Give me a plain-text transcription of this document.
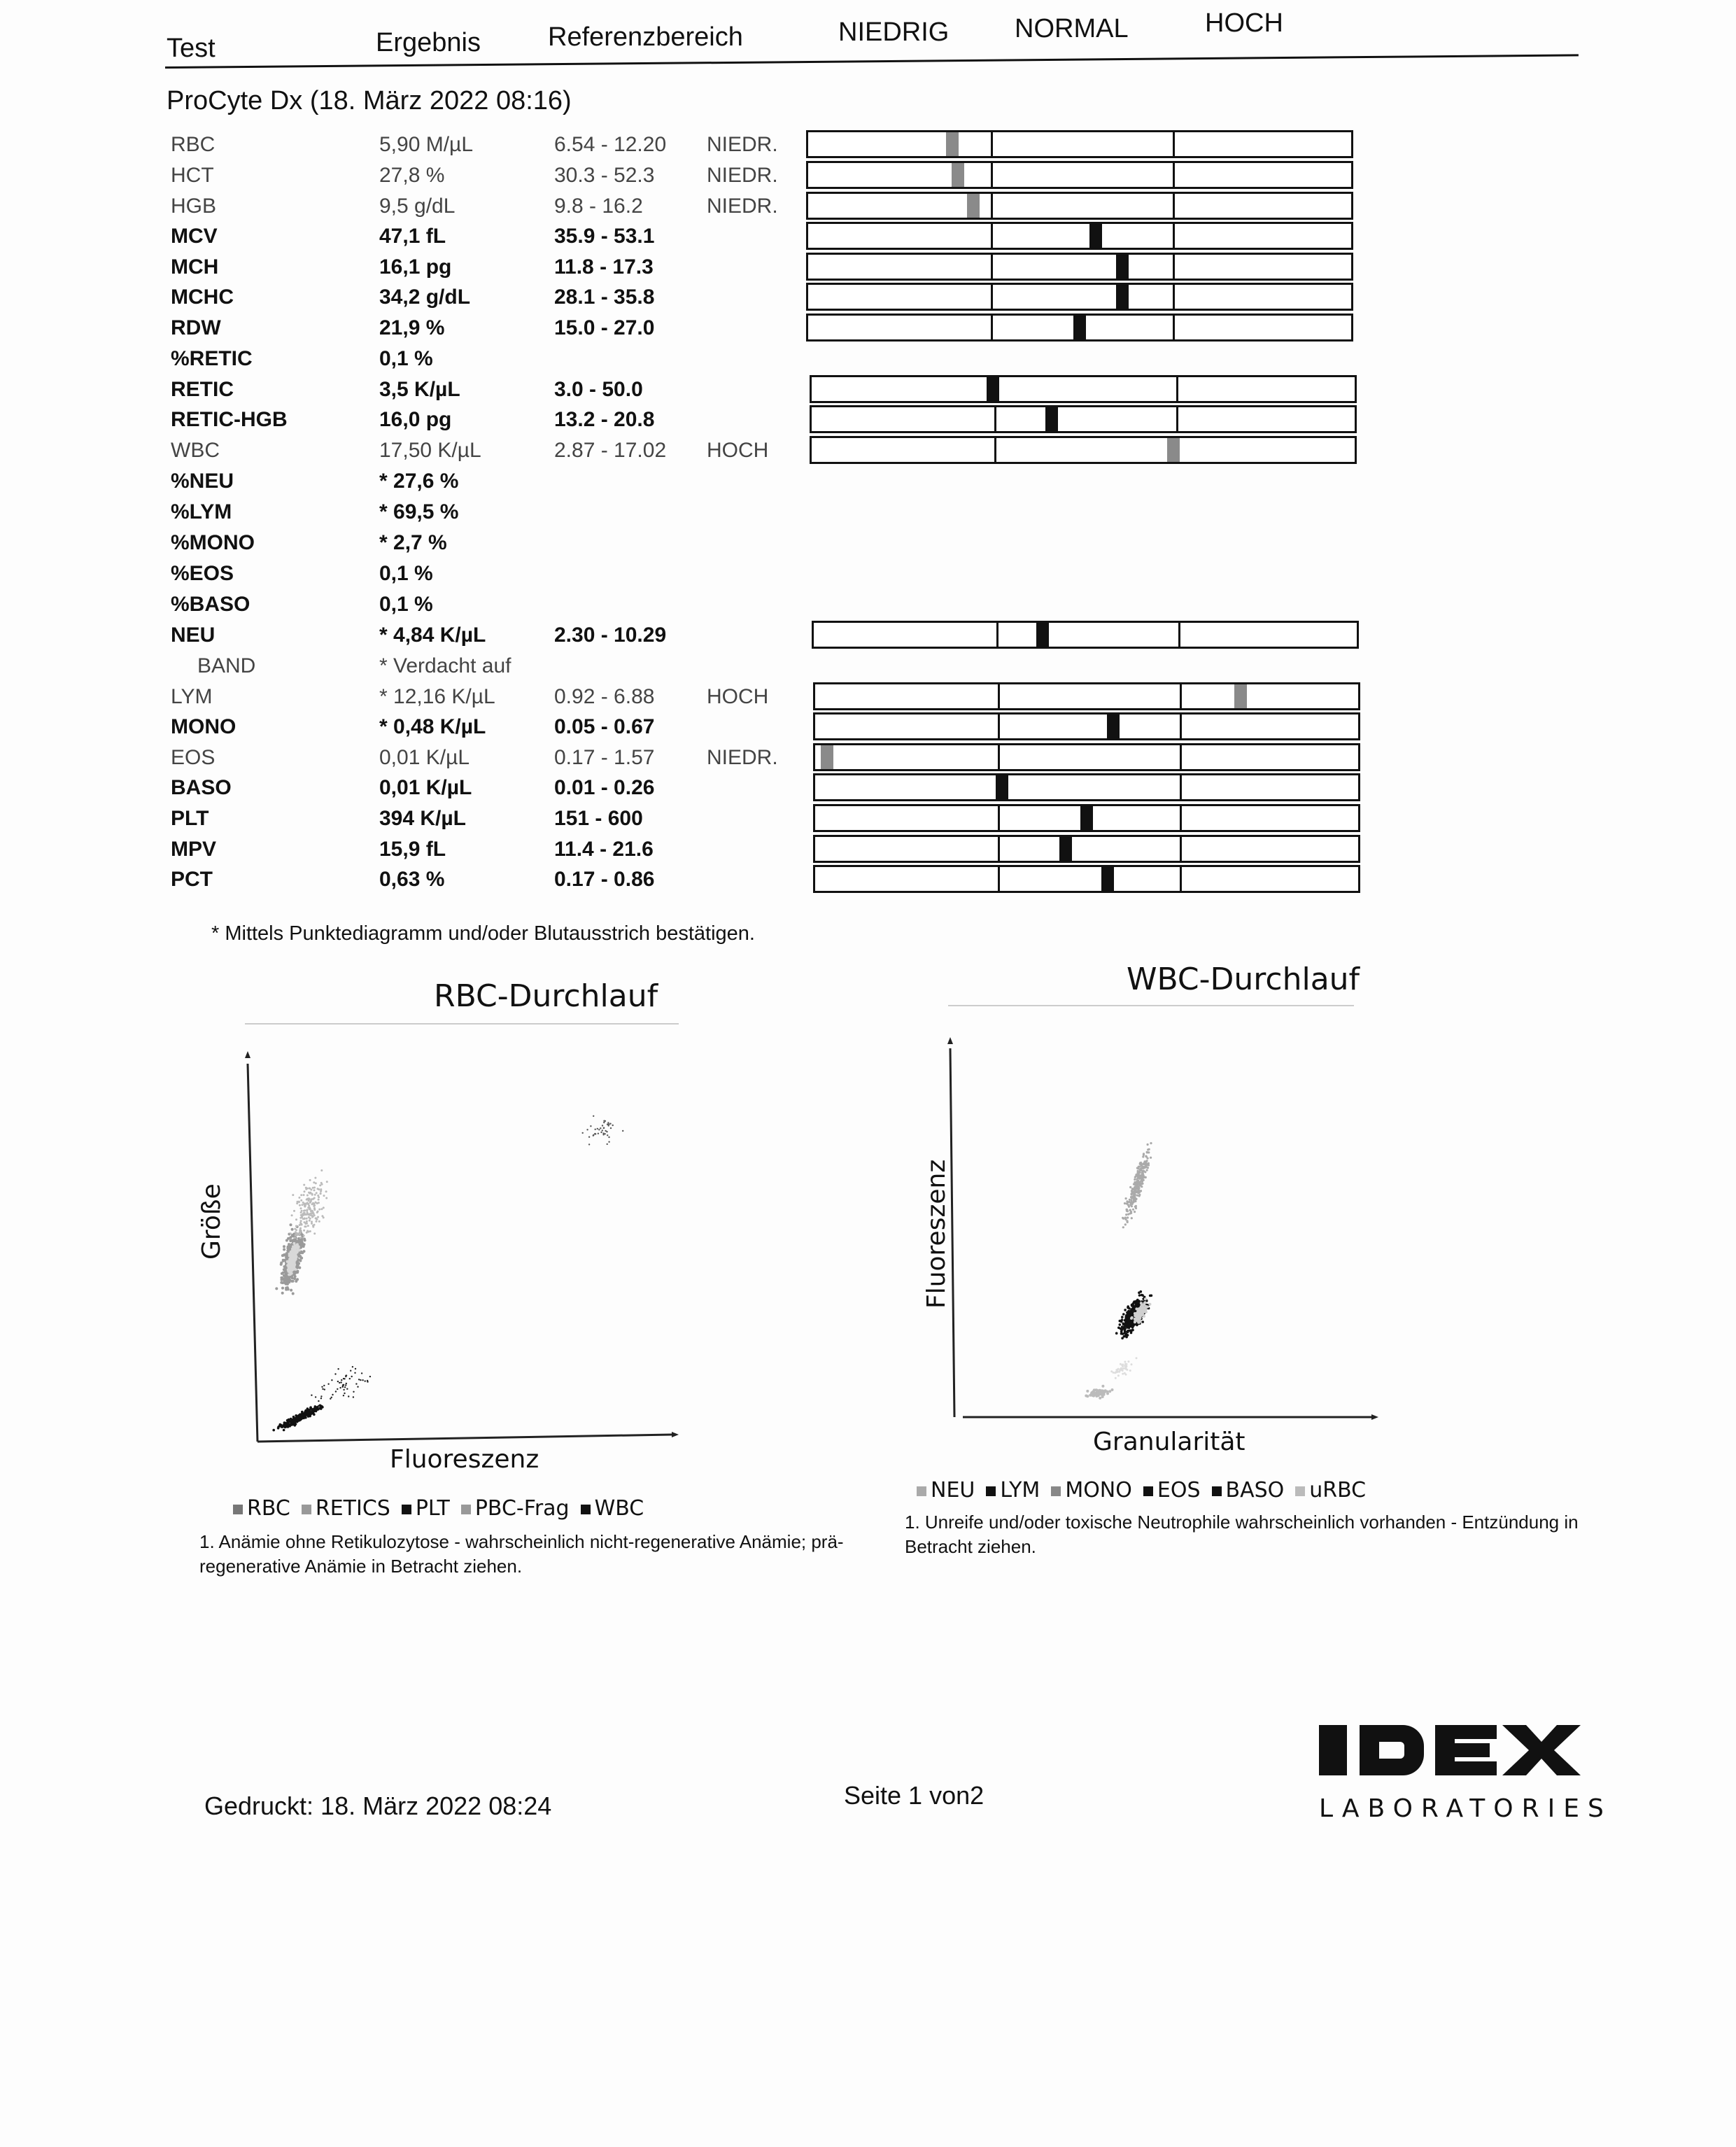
Test	Ergebnis	Referenzbereich	NIEDRIG NORMAL	HOCH
ProCyte Dx (18. März 2022 08:16)
RBC	5,90 M/µL	6.54 - 12.20 NIEDR.
HCT	27,8 %	30.3 - 52.3 NIEDR.
HGB	9,5 g/dL	9.8 - 16.2	NIEDR.
MCV	47,1 fL	35.9 - 53.1
MCH	16,1 pg	11.8 - 17.3
MCHC	34,2 g/dL	28.1 - 35.8
RDW	21,9 %	15.0 - 27.0
%RETIC	0,1 %
RETIC	3,5 K/µL	3.0 - 50.0
RETIC-HGB	16,0 pg	13.2 - 20.8
WBC	17,50 K/µL	2.87 - 17.02 HOCH
%NEU	* 27,6 %
%LYM	* 69,5 %
%MONO	* 2,7 %
%EOS	0,1 %
%BASO	0,1 %
NEU	* 4,84 K/µL	2.30 - 10.29
BAND	* Verdacht auf
LYM	* 12,16 K/µL	0.92 - 6.88 HOCH
MONO	* 0,48 K/µL	0.05 - 0.67
EOS	0,01 K/µL	0.17 - 1.57 NIEDR.
BASO	0,01 K/µL	0.01 - 0.26
PLT	394 K/µL	151 - 600
MPV	15,9 fL	11.4 - 21.6
PCT	0,63 %	0.17 - 0.86
* Mittels Punktediagramm und/oder Blutausstrich bestätigen.
RBC-Durchlauf
Fluoreszenz
Größe
RBC RETICS PLT PBC-Frag WBC
1. Anämie ohne Retikulozytose - wahrscheinlich nicht-regenerative Anämie; prä-regenerative Anämie in Betracht ziehen.
WBC-Durchlauf
Granularität
Fluoreszenz
NEU LYM MONO EOS BASO uRBC
1. Unreife und/oder toxische Neutrophile wahrscheinlich vorhanden - Entzündung in Betracht ziehen.
Gedruckt: 18. März 2022 08:24	Seite 1 von2	LABORATORIES
